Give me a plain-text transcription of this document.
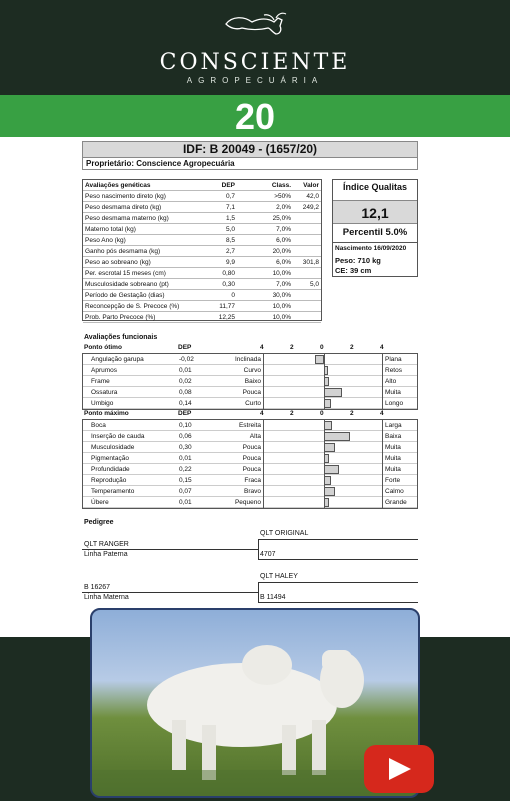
CONSCIENTE
AGROPECUÁRIA
20
IDF: B 20049 - (1657/20)
Proprietário: Conscience Agropecuária
Avaliações genéticas	DEP	Class.	Valor
Peso nascimento direto (kg)	0,7	>50%	42,0
Peso desmama direto (kg)	7,1	2,0%	249,2
Peso desmama materno (kg)	1,5	25,0%
Materno total (kg)	5,0	7,0%
Peso Ano (kg)	8,5	6,0%
Ganho pós desmama (kg)	2,7	20,0%
Peso ao sobreano (kg)	9,9	6,0%	301,8
Per. escrotal 15 meses (cm)	0,80	10,0%
Musculosidade sobreano (pt)	0,30	7,0%	5,0
Período de Gestação (dias)	0	30,0%
Reconcepção de S. Precoce (%)	11,77	10,0%
Prob. Parto Precoce (%)	12,25	10,0%
Índice Qualitas
12,1
Percentil 5.0%
Nascimento 16/09/2020
Peso: 710 kg
CE: 39 cm
Avaliações funcionais
Ponto ótimo	DEP	4	2	0	2	4
Angulação garupa	-0,02	Inclinada	Plana
Aprumos	0,01	Curvo	Retos
Frame	0,02	Baixo	Alto
Ossatura	0,08	Pouca	Muita
Umbigo	0,14	Curto	Longo
Ponto máximo	DEP	4	2	0	2	4
Boca	0,10	Estreita	Larga
Inserção de cauda	0,06	Alta	Baixa
Musculosidade	0,30	Pouca	Muita
Pigmentação	0,01	Pouca	Muita
Profundidade	0,22	Pouca	Muita
Reprodução	0,15	Fraca	Forte
Temperamento	0,07	Bravo	Calmo
Úbere	0,01	Pequeno	Grande
Pedigree
QLT ORIGINAL
QLT RANGER
Linha Paterna	4707
QLT HALEY
B 16267
Linha Materna	B 11494
